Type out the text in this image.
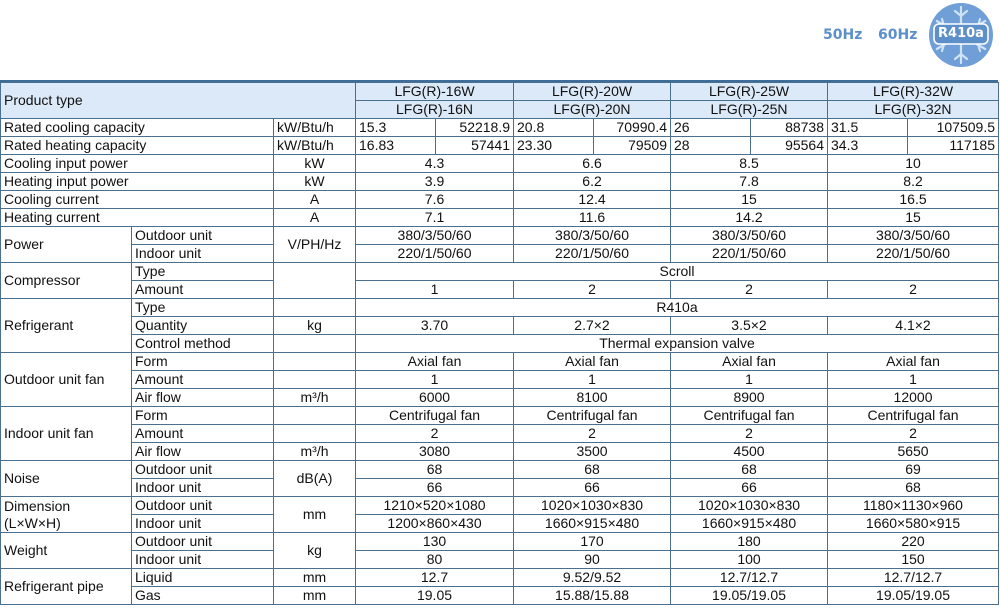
50Hz 60Hz	R410a
Product type			LFG(R)-16W		LFG(R)-20W		LFG(R)-25W		LFG(R)-32W	
			LFG(R)-16N		LFG(R)-20N		LFG(R)-25N		LFG(R)-32N	
Rated cooling capacity		kW/Btu/h	15.3	52218.9	20.8	70990.4	26	88738	31.5	107509.5
Rated heating capacity		kW/Btu/h	16.83	57441	23.30	79509	28	95564	34.3	117185
Cooling input power		kW	4.3		6.6		8.5		10	
Heating input power		kW	3.9		6.2		7.8		8.2	
Cooling current		A	7.6		12.4		15		16.5	
Heating current		A	7.1		11.6		14.2		15	
Power	Outdoor unit	V/PH/Hz	380/3/50/60		380/3/50/60		380/3/50/60		380/3/50/60	
	Indoor unit		220/1/50/60		220/1/50/60		220/1/50/60		220/1/50/60	
Compressor	Type		Scroll							
	Amount		1		2		2		2	
Refrigerant	Type		R410a							
	Quantity	kg	3.70		2.7×2		3.5×2		4.1×2	
	Control method		Thermal expansion valve							
Outdoor unit fan	Form		Axial fan		Axial fan		Axial fan		Axial fan	
	Amount		1		1		1		1	
	Air flow	m³/h	6000		8100		8900		12000	
Indoor unit fan	Form		Centrifugal fan		Centrifugal fan		Centrifugal fan		Centrifugal fan	
	Amount		2		2		2		2	
	Air flow	m³/h	3080		3500		4500		5650	
Noise	Outdoor unit	dB(A)	68		68		68		69	
	Indoor unit		66		66		66		68	
Dimension
(L×W×H)	Outdoor unit	mm	1210×520×1080		1020×1030×830		1020×1030×830		1180×1130×960	
	Indoor unit		1200×860×430		1660×915×480		1660×915×480		1660×580×915	
Weight	Outdoor unit	kg	130		170		180		220	
	Indoor unit		80		90		100		150	
Refrigerant pipe	Liquid	mm	12.7		9.52/9.52		12.7/12.7		12.7/12.7	
	Gas	mm	19.05		15.88/15.88		19.05/19.05		19.05/19.05	
